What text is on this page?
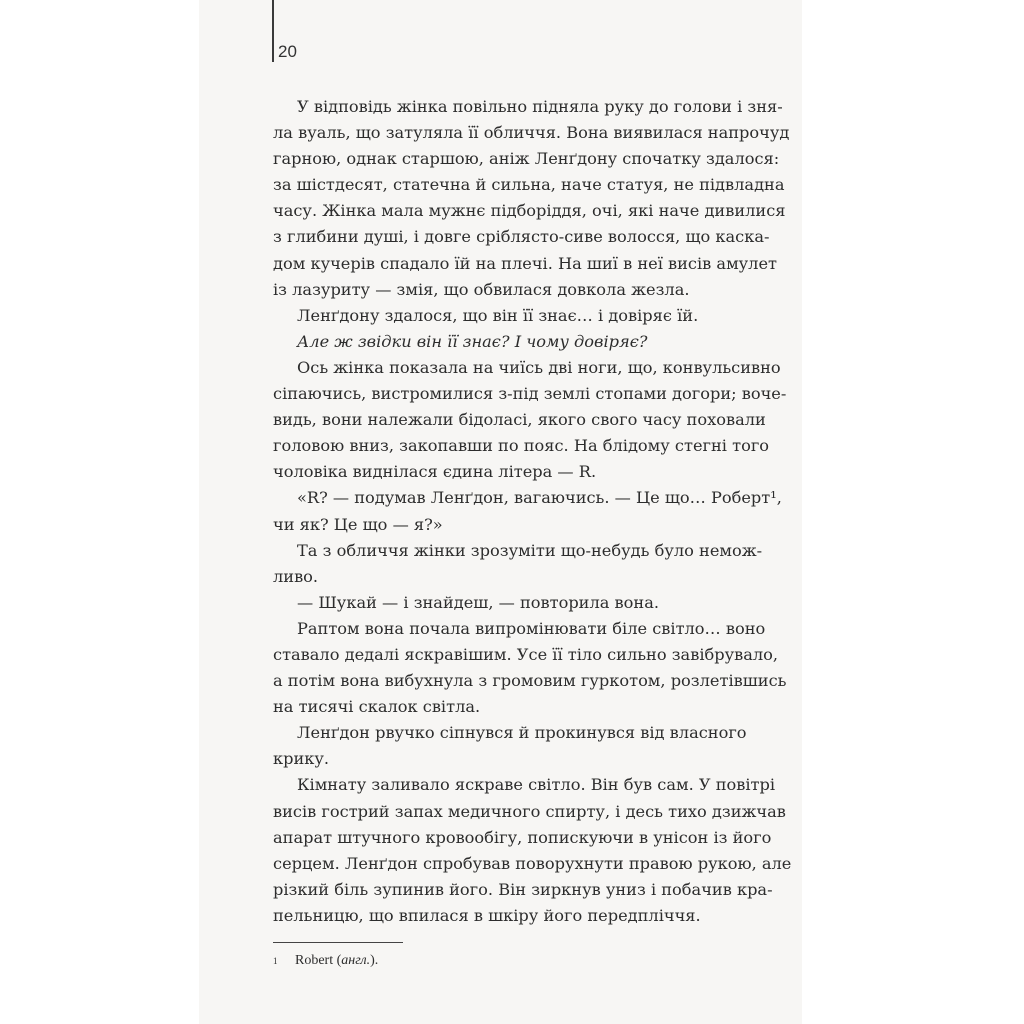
20
У відповідь жінка повільно підняла руку до голови і зня-
ла вуаль, що затуляла її обличчя. Вона виявилася напрочуд
гарною, однак старшою, аніж Ленґдону спочатку здалося:
за шістдесят, статечна й сильна, наче статуя, не підвладна
часу. Жінка мала мужнє підборіддя, очі, які наче дивилися
з глибини душі, і довге сріблясто-сиве волосся, що каска-
дом кучерів спадало їй на плечі. На шиї в неї висів амулет
із лазуриту — змія, що обвилася довкола жезла.
Ленґдону здалося, що він її знає… і довіряє їй.
Але ж звідки він її знає? І чому довіряє?
Ось жінка показала на чиїсь дві ноги, що, конвульсивно
сіпаючись, вистромилися з-під землі стопами догори; воче-
видь, вони належали бідоласі, якого свого часу поховали
головою вниз, закопавши по пояс. На блідому стегні того
чоловіка виднілася єдина літера — R.
«R? — подумав Ленґдон, вагаючись. — Це що… Роберт¹,
чи як? Це що — я?»
Та з обличчя жінки зрозуміти що-небудь було немож-
ливо.
— Шукай — і знайдеш, — повторила вона.
Раптом вона почала випромінювати біле світло… воно
ставало дедалі яскравішим. Усе її тіло сильно завібрувало,
а потім вона вибухнула з громовим гуркотом, розлетівшись
на тисячі скалок світла.
Ленґдон рвучко сіпнувся й прокинувся від власного
крику.
Кімнату заливало яскраве світло. Він був сам. У повітрі
висів гострий запах медичного спирту, і десь тихо дзижчав
апарат штучного кровообігу, попискуючи в унісон із його
серцем. Ленґдон спробував поворухнути правою рукою, але
різкий біль зупинив його. Він зиркнув униз і побачив кра-
пельницю, що впилася в шкіру його передпліччя.
1 Robert (англ.).
